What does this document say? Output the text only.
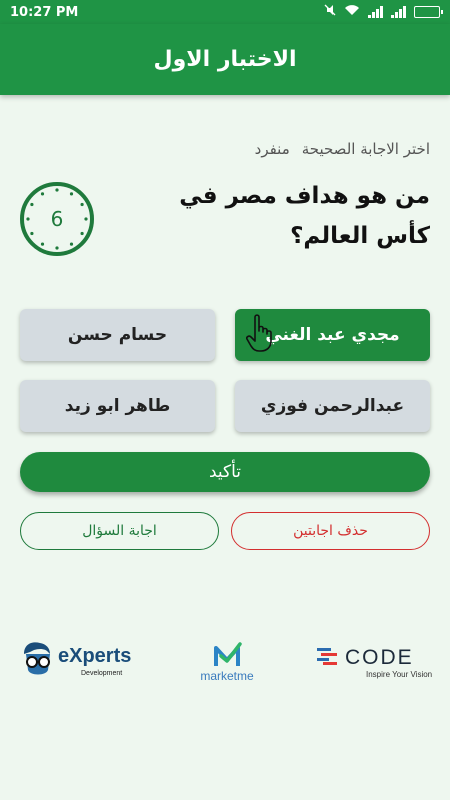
10:27 PM
الاختبار الاول
اختر الاجابة الصحيحة
منفرد
من هو هداف مصر في كأس العالم؟
6
مجدي عبد الغني
حسام حسن
عبدالرحمن فوزي
طاهر ابو زيد
تأكيد
حذف اجابتين
اجابة السؤال
eXperts
Development	marketme
CODE
Inspire Your Vision
